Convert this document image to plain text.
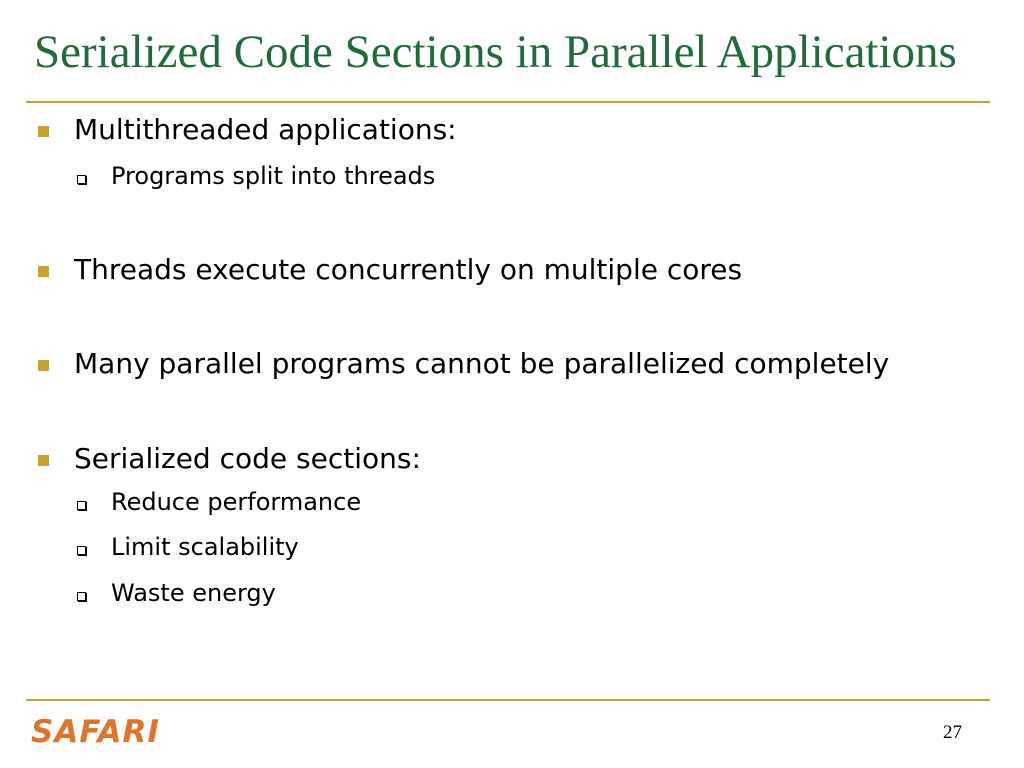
Serialized Code Sections in Parallel Applications
Multithreaded applications:
Programs split into threads
Threads execute concurrently on multiple cores
Many parallel programs cannot be parallelized completely
Serialized code sections:
Reduce performance
Limit scalability
Waste energy
SAFARI	27
